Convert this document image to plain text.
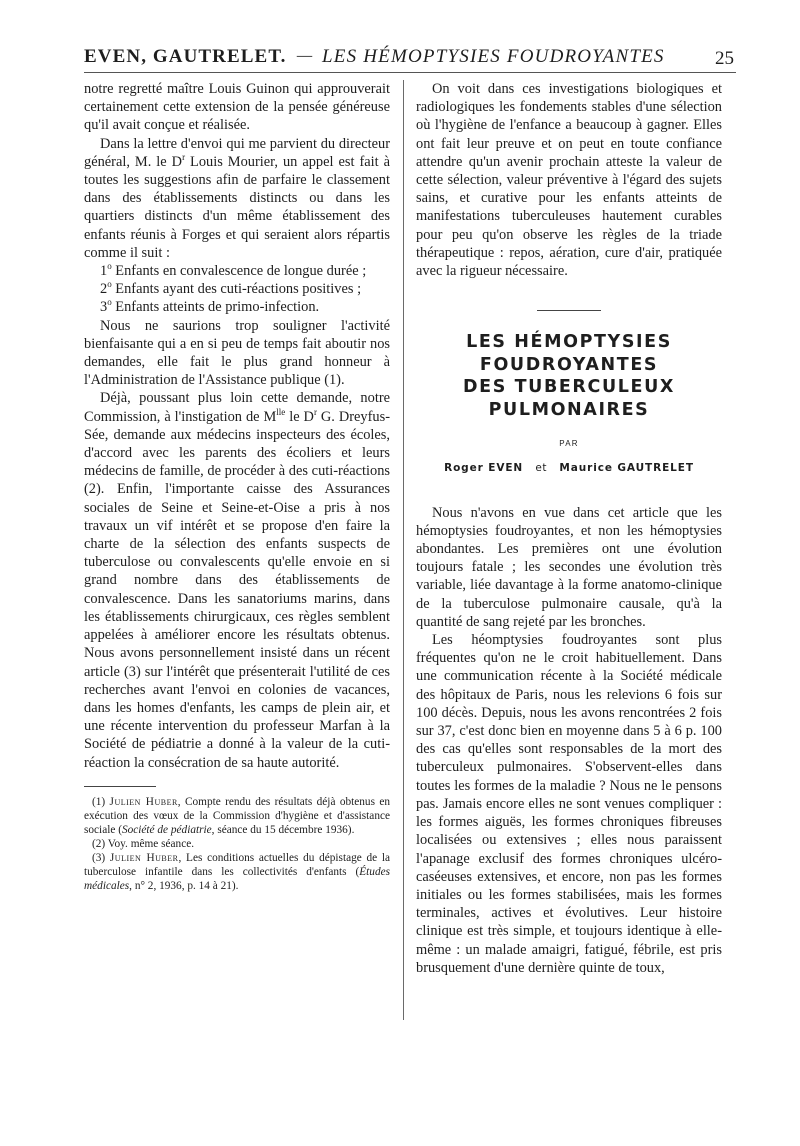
EVEN, GAUTRELET. — LES HÉMOPTYSIES FOUDROYANTES	25

notre regretté maître Louis Guinon qui approuverait certainement cette extension de la pensée généreuse qu'il avait conçue et réalisée.

Dans la lettre d'envoi qui me parvient du directeur général, M. le $D^r$ Louis Mourier, un appel est fait à toutes les suggestions afin de parfaire le classement dans des établissements distincts ou dans les quartiers distincts d'un même établissement des enfants réunis à Forges et qui seraient alors répartis comme il suit :

1$^o$ Enfants en convalescence de longue durée ;

2$^o$ Enfants ayant des cuti-réactions positives ;

3$^o$ Enfants atteints de primo-infection.

Nous ne saurions trop souligner l'activité bienfaisante qui a en si peu de temps fait aboutir nos demandes, elle fait le plus grand honneur à l'Administration de l'Assistance publique (1).

Déjà, poussant plus loin cette demande, notre Commission, à l'instigation de $M^{lle}$ le $D^r$ G. Dreyfus-Sée, demande aux médecins inspecteurs des écoles, d'accord avec les parents des écoliers et leurs médecins de famille, de procéder à des cuti-réactions (2). Enfin, l'importante caisse des Assurances sociales de Seine et Seine-et-Oise a pris à nos travaux un vif intérêt et se propose d'en faire la charte de la sélection des enfants suspects de tuberculose ou convalescents qu'elle envoie en si grand nombre dans des établissements de convalescence. Dans les sanatoriums marins, dans les établissements chirurgicaux, ces règles semblent appelées à améliorer encore les résultats obtenus. Nous avons personnellement insisté dans un récent article (3) sur l'intérêt que présenterait l'utilité de ces recherches avant l'envoi en colonies de vacances, dans les homes d'enfants, les camps de plein air, et une récente intervention du professeur Marfan à la Société de pédiatrie a donné à la valeur de la cuti-réaction la consécration de sa haute autorité.

(1) Julien Huber, Compte rendu des résultats déjà obtenus en exécution des vœux de la Commission d'hygiène et d'assistance sociale (Société de pédiatrie, séance du 15 décembre 1936).

(2) Voy. même séance.

(3) Julien Huber, Les conditions actuelles du dépistage de la tuberculose infantile dans les collectivités d'enfants (Études médicales, n° 2, 1936, p. 14 à 21).

On voit dans ces investigations biologiques et radiologiques les fondements stables d'une sélection où l'hygiène de l'enfance a beaucoup à gagner. Elles ont fait leur preuve et on peut en toute confiance attendre qu'un avenir prochain atteste la valeur de cette sélection, valeur préventive à l'égard des sujets sains, et curative pour les enfants atteints de manifestations tuberculeuses hautement curables pour peu qu'on observe les règles de la triade thérapeutique : repos, aération, cure d'air, pratiquée avec la rigueur nécessaire.

LES HÉMOPTYSIES
FOUDROYANTES
DES TUBERCULEUX
PULMONAIRES
PAR
Roger EVEN et Maurice GAUTRELET

Nous n'avons en vue dans cet article que les hémoptysies foudroyantes, et non les hémoptysies abondantes. Les premières ont une évolution toujours fatale ; les secondes une évolution très variable, liée davantage à la forme anatomo-clinique de la tuberculose pulmonaire causale, qu'à la quantité de sang rejeté par les bronches.

Les héomptysies foudroyantes sont plus fréquentes qu'on ne le croit habituellement. Dans une communication récente à la Société médicale des hôpitaux de Paris, nous les relevions 6 fois sur 100 décès. Depuis, nous les avons rencontrées 2 fois sur 37, c'est donc bien en moyenne dans 5 à 6 p. 100 des cas qu'elles sont responsables de la mort des tuberculeux pulmonaires. S'observent-elles dans toutes les formes de la maladie ? Nous ne le pensons pas. Jamais encore elles ne sont venues compliquer : les formes aiguës, les formes chroniques fibreuses localisées ou extensives ; elles nous paraissent l'apanage exclusif des formes chroniques ulcéro-caséeuses extensives, et encore, non pas les formes initiales ou les formes stabilisées, mais les formes terminales, actives et évolutives. Leur histoire clinique est très simple, et toujours identique à elle-même : un malade amaigri, fatigué, fébrile, est pris brusquement d'une dernière quinte de toux,
